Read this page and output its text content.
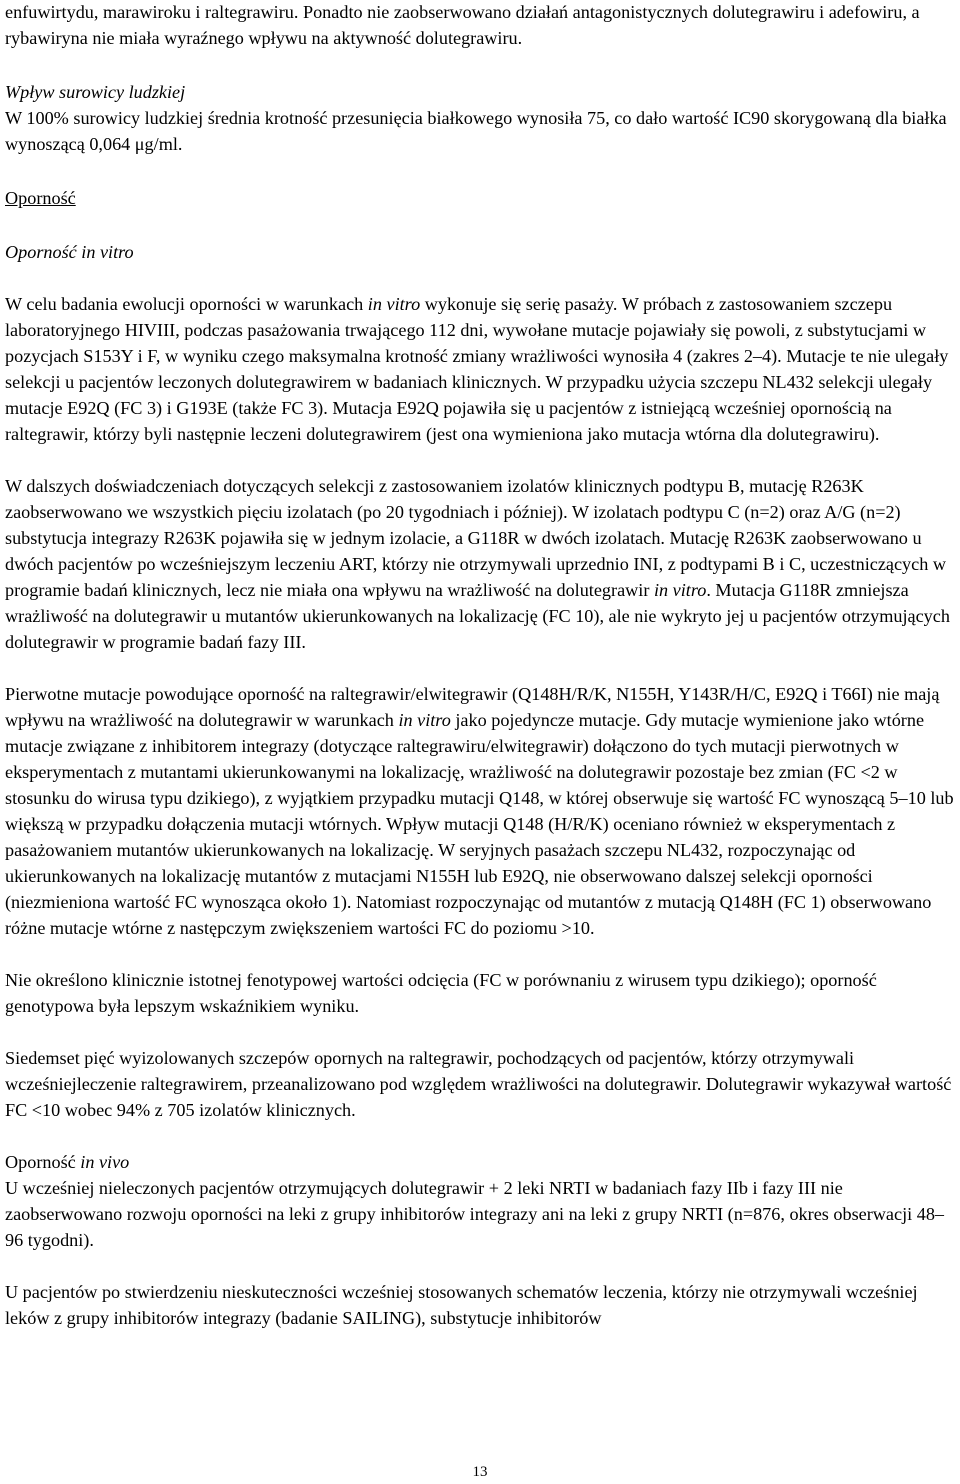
enfuwirtydu, marawiroku i raltegrawiru. Ponadto nie zaobserwowano działań antagonistycznych dolutegrawiru i adefowiru, a rybawiryna nie miała wyraźnego wpływu na aktywność dolutegrawiru.

Wpływ surowicy ludzkiej

W 100% surowicy ludzkiej średnia krotność przesunięcia białkowego wynosiła 75, co dało wartość IC90 skorygowaną dla białka wynoszącą 0,064 μg/ml.

Oporność

Oporność in vitro

W celu badania ewolucji oporności w warunkach in vitro wykonuje się serię pasaży. W próbach z zastosowaniem szczepu laboratoryjnego HIVIII, podczas pasażowania trwającego 112 dni, wywołane mutacje pojawiały się powoli, z substytucjami w pozycjach S153Y i F, w wyniku czego maksymalna krotność zmiany wrażliwości wynosiła 4 (zakres 2–4). Mutacje te nie ulegały selekcji u pacjentów leczonych dolutegrawirem w badaniach klinicznych. W przypadku użycia szczepu NL432 selekcji ulegały mutacje E92Q (FC 3) i G193E (także FC 3). Mutacja E92Q pojawiła się u pacjentów z istniejącą wcześniej opornością na raltegrawir, którzy byli następnie leczeni dolutegrawirem (jest ona wymieniona jako mutacja wtórna dla dolutegrawiru).

W dalszych doświadczeniach dotyczących selekcji z zastosowaniem izolatów klinicznych podtypu B, mutację R263K zaobserwowano we wszystkich pięciu izolatach (po 20 tygodniach i później). W izolatach podtypu C (n=2) oraz A/G (n=2) substytucja integrazy R263K pojawiła się w jednym izolacie, a G118R w dwóch izolatach. Mutację R263K zaobserwowano u dwóch pacjentów po wcześniejszym leczeniu ART, którzy nie otrzymywali uprzednio INI, z podtypami B i C, uczestniczących w programie badań klinicznych, lecz nie miała ona wpływu na wrażliwość na dolutegrawir in vitro. Mutacja G118R zmniejsza wrażliwość na dolutegrawir u mutantów ukierunkowanych na lokalizację (FC 10), ale nie wykryto jej u pacjentów otrzymujących dolutegrawir w programie badań fazy III.

Pierwotne mutacje powodujące oporność na raltegrawir/elwitegrawir (Q148H/R/K, N155H, Y143R/H/C, E92Q i T66I) nie mają wpływu na wrażliwość na dolutegrawir w warunkach in vitro jako pojedyncze mutacje. Gdy mutacje wymienione jako wtórne mutacje związane z inhibitorem integrazy (dotyczące raltegrawiru/elwitegrawir) dołączono do tych mutacji pierwotnych w eksperymentach z mutantami ukierunkowanymi na lokalizację, wrażliwość na dolutegrawir pozostaje bez zmian (FC <2 w stosunku do wirusa typu dzikiego), z wyjątkiem przypadku mutacji Q148, w której obserwuje się wartość FC wynoszącą 5–10 lub większą w przypadku dołączenia mutacji wtórnych. Wpływ mutacji Q148 (H/R/K) oceniano również w eksperymentach z pasażowaniem mutantów ukierunkowanych na lokalizację. W seryjnych pasażach szczepu NL432, rozpoczynając od ukierunkowanych na lokalizację mutantów z mutacjami N155H lub E92Q, nie obserwowano dalszej selekcji oporności (niezmieniona wartość FC wynosząca około 1). Natomiast rozpoczynając od mutantów z mutacją Q148H (FC 1) obserwowano różne mutacje wtórne z następczym zwiększeniem wartości FC do poziomu >10.

Nie określono klinicznie istotnej fenotypowej wartości odcięcia (FC w porównaniu z wirusem typu dzikiego); oporność genotypowa była lepszym wskaźnikiem wyniku.

Siedemset pięć wyizolowanych szczepów opornych na raltegrawir, pochodzących od pacjentów, którzy otrzymywali wcześniejleczenie raltegrawirem, przeanalizowano pod względem wrażliwości na dolutegrawir. Dolutegrawir wykazywał wartość FC <10 wobec 94% z 705 izolatów klinicznych.

Oporność in vivo

U wcześniej nieleczonych pacjentów otrzymujących dolutegrawir + 2 leki NRTI w badaniach fazy IIb i fazy III nie zaobserwowano rozwoju oporności na leki z grupy inhibitorów integrazy ani na leki z grupy NRTI (n=876, okres obserwacji 48–96 tygodni).

U pacjentów po stwierdzeniu nieskuteczności wcześniej stosowanych schematów leczenia, którzy nie otrzymywali wcześniej leków z grupy inhibitorów integrazy (badanie SAILING), substytucje inhibitorów

13
